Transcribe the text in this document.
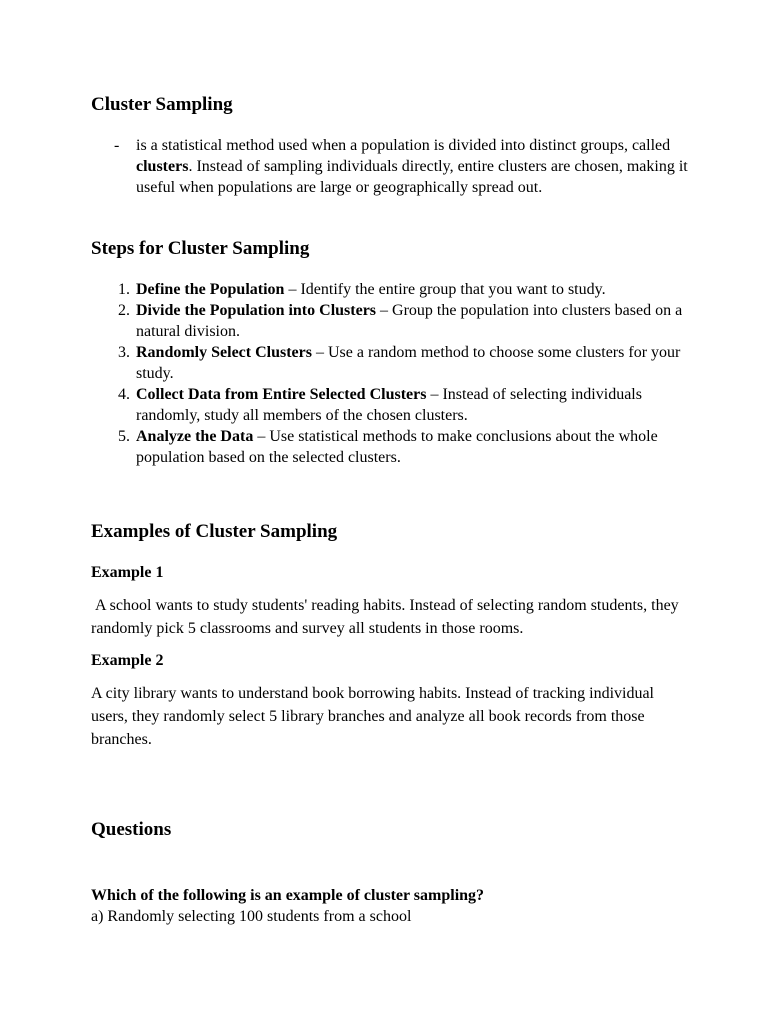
Cluster Sampling
-	is a statistical method used when a population is divided into distinct groups, called clusters. Instead of sampling individuals directly, entire clusters are chosen, making it useful when populations are large or geographically spread out.
Steps for Cluster Sampling
1. Define the Population – Identify the entire group that you want to study.
2. Divide the Population into Clusters – Group the population into clusters based on a natural division.
3. Randomly Select Clusters – Use a random method to choose some clusters for your study.
4. Collect Data from Entire Selected Clusters – Instead of selecting individuals randomly, study all members of the chosen clusters.
5. Analyze the Data – Use statistical methods to make conclusions about the whole population based on the selected clusters.
Examples of Cluster Sampling
Example 1

A school wants to study students' reading habits. Instead of selecting random students, they randomly pick 5 classrooms and survey all students in those rooms.

Example 2

A city library wants to understand book borrowing habits. Instead of tracking individual users, they randomly select 5 library branches and analyze all book records from those branches.

Questions

Which of the following is an example of cluster sampling?

a) Randomly selecting 100 students from a school
